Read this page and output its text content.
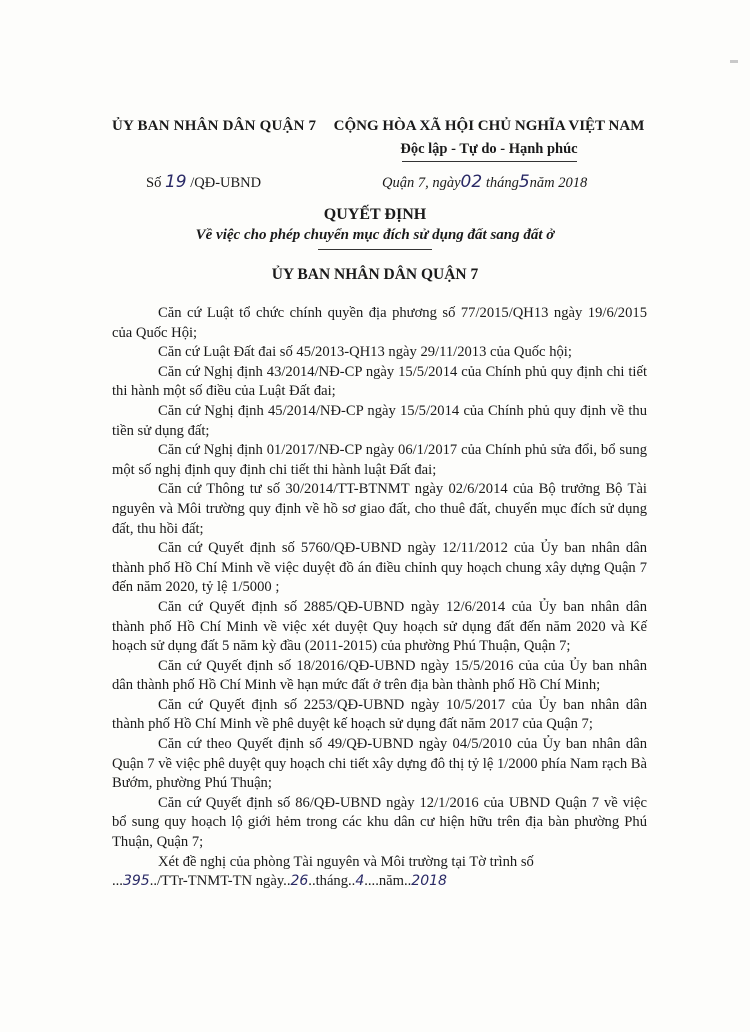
ỦY BAN NHÂN DÂN QUẬN 7 CỘNG HÒA XÃ HỘI CHỦ NGHĨA VIỆT NAM
Độc lập - Tự do - Hạnh phúc
Số 19 /QĐ-UBND	Quận 7, ngày02 tháng5năm 2018
QUYẾT ĐỊNH
Về việc cho phép chuyển mục đích sử dụng đất sang đất ở
ỦY BAN NHÂN DÂN QUẬN 7

Căn cứ Luật tổ chức chính quyền địa phương số 77/2015/QH13 ngày 19/6/2015 của Quốc Hội;

Căn cứ Luật Đất đai số 45/2013-QH13 ngày 29/11/2013 của Quốc hội;

Căn cứ Nghị định 43/2014/NĐ-CP ngày 15/5/2014 của Chính phủ quy định chi tiết thi hành một số điều của Luật Đất đai;

Căn cứ Nghị định 45/2014/NĐ-CP ngày 15/5/2014 của Chính phủ quy định về thu tiền sử dụng đất;

Căn cứ Nghị định 01/2017/NĐ-CP ngày 06/1/2017 của Chính phủ sửa đổi, bổ sung một số nghị định quy định chi tiết thi hành luật Đất đai;

Căn cứ Thông tư số 30/2014/TT-BTNMT ngày 02/6/2014 của Bộ trưởng Bộ Tài nguyên và Môi trường quy định về hồ sơ giao đất, cho thuê đất, chuyển mục đích sử dụng đất, thu hồi đất;

Căn cứ Quyết định số 5760/QĐ-UBND ngày 12/11/2012 của Ủy ban nhân dân thành phố Hồ Chí Minh về việc duyệt đồ án điều chỉnh quy hoạch chung xây dựng Quận 7 đến năm 2020, tỷ lệ 1/5000 ;

Căn cứ Quyết định số 2885/QĐ-UBND ngày 12/6/2014 của Ủy ban nhân dân thành phố Hồ Chí Minh về việc xét duyệt Quy hoạch sử dụng đất đến năm 2020 và Kế hoạch sử dụng đất 5 năm kỳ đầu (2011-2015) của phường Phú Thuận, Quận 7;

Căn cứ Quyết định số 18/2016/QĐ-UBND ngày 15/5/2016 của của Ủy ban nhân dân thành phố Hồ Chí Minh về hạn mức đất ở trên địa bàn thành phố Hồ Chí Minh;

Căn cứ Quyết định số 2253/QĐ-UBND ngày 10/5/2017 của Ủy ban nhân dân thành phố Hồ Chí Minh về phê duyệt kế hoạch sử dụng đất năm 2017 của Quận 7;

Căn cứ theo Quyết định số 49/QĐ-UBND ngày 04/5/2010 của Ủy ban nhân dân Quận 7 về việc phê duyệt quy hoạch chi tiết xây dựng đô thị tỷ lệ 1/2000 phía Nam rạch Bà Bướm, phường Phú Thuận;

Căn cứ Quyết định số 86/QĐ-UBND ngày 12/1/2016 của UBND Quận 7 về việc bổ sung quy hoạch lộ giới hẻm trong các khu dân cư hiện hữu trên địa bàn phường Phú Thuận, Quận 7;

Xét đề nghị của phòng Tài nguyên và Môi trường tại Tờ trình số

...395../TTr-TNMT-TN ngày..26..tháng..4....năm..2018
